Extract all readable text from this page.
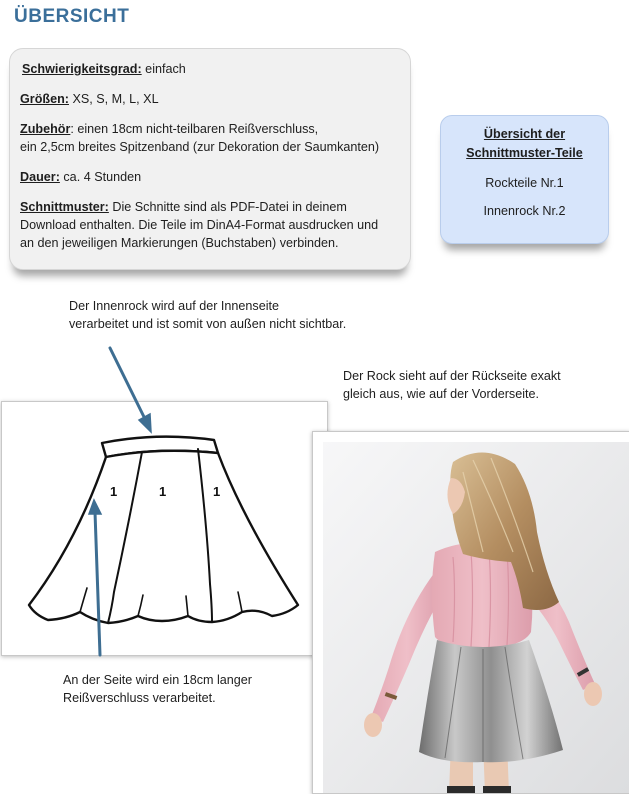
ÜBERSICHT

Schwierigkeitsgrad: einfach

Größen: XS, S, M, L, XL

Zubehör: einen 18cm nicht-teilbaren Reißverschluss,
ein 2,5cm breites Spitzenband (zur Dekoration der Saumkanten)

Dauer: ca. 4 Stunden

Schnittmuster: Die Schnitte sind als PDF-Datei in deinem
Download enthalten. Die Teile im DinA4-Format ausdrucken und
an den jeweiligen Markierungen (Buchstaben) verbinden.

Übersicht der
Schnittmuster-Teile
Rockteile Nr.1
Innenrock Nr.2
Der Innenrock wird auf der Innenseite
verarbeitet und ist somit von außen nicht sichtbar.
Der Rock sieht auf der Rückseite exakt
gleich aus, wie auf der Vorderseite.
1	1	1
An der Seite wird ein 18cm langer
Reißverschluss verarbeitet.
